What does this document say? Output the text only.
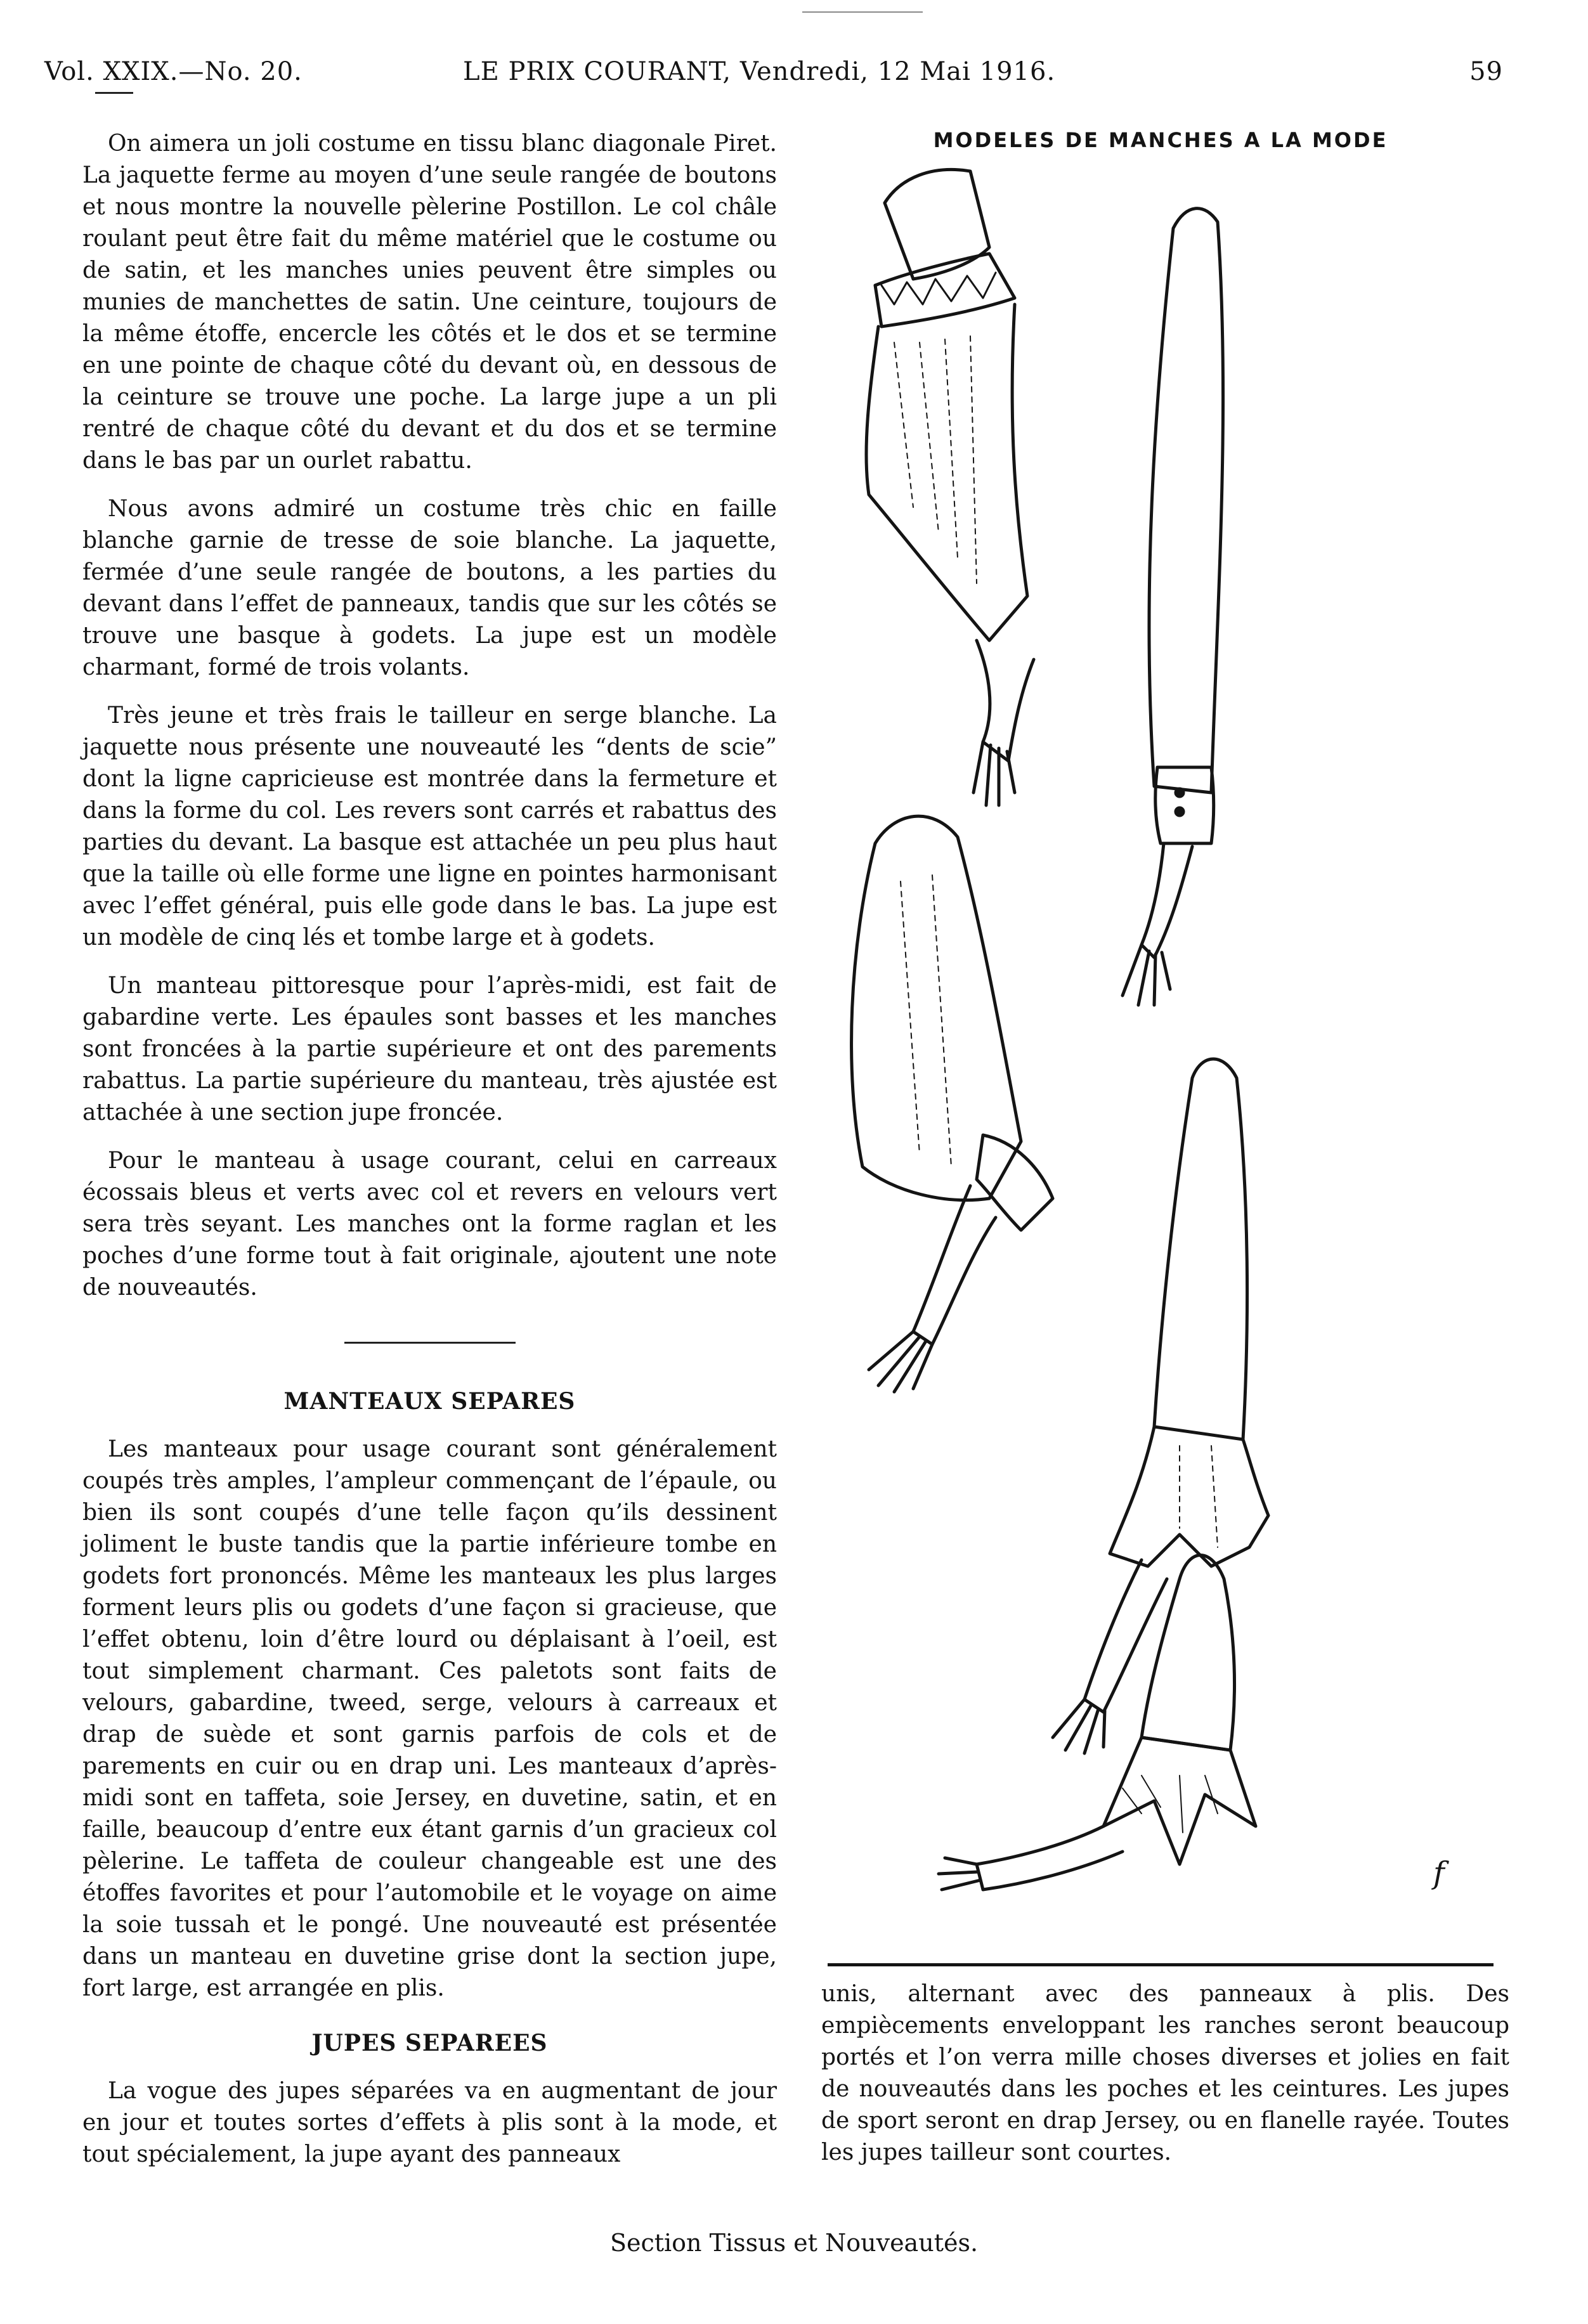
Vol. XXIX.—No. 20.	LE PRIX COURANT, Vendredi, 12 Mai 1916.	59

On aimera un joli costume en tissu blanc diagonale Piret. La jaquette ferme au moyen d’une seule rangée de boutons et nous montre la nouvelle pèlerine Postillon. Le col châle roulant peut être fait du même matériel que le costume ou de satin, et les manches unies peuvent être simples ou munies de manchettes de satin. Une ceinture, toujours de la même étoffe, encercle les côtés et le dos et se termine en une pointe de chaque côté du devant où, en dessous de la ceinture se trouve une poche. La large jupe a un pli rentré de chaque côté du devant et du dos et se termine dans le bas par un ourlet rabattu.

Nous avons admiré un costume très chic en faille blanche garnie de tresse de soie blanche. La jaquette, fermée d’une seule rangée de boutons, a les parties du devant dans l’effet de panneaux, tandis que sur les côtés se trouve une basque à godets. La jupe est un modèle charmant, formé de trois volants.

Très jeune et très frais le tailleur en serge blanche. La jaquette nous présente une nouveauté les “dents de scie” dont la ligne capricieuse est montrée dans la fermeture et dans la forme du col. Les revers sont carrés et rabattus des parties du devant. La basque est attachée un peu plus haut que la taille où elle forme une ligne en pointes harmonisant avec l’effet général, puis elle gode dans le bas. La jupe est un modèle de cinq lés et tombe large et à godets.

Un manteau pittoresque pour l’après-midi, est fait de gabardine verte. Les épaules sont basses et les manches sont froncées à la partie supérieure et ont des parements rabattus. La partie supérieure du manteau, très ajustée est attachée à une section jupe froncée.

Pour le manteau à usage courant, celui en carreaux écossais bleus et verts avec col et revers en velours vert sera très seyant. Les manches ont la forme raglan et les poches d’une forme tout à fait originale, ajoutent une note de nouveautés.

MANTEAUX SEPARES

Les manteaux pour usage courant sont généralement coupés très amples, l’ampleur commençant de l’épaule, ou bien ils sont coupés d’une telle façon qu’ils dessinent joliment le buste tandis que la partie inférieure tombe en godets fort prononcés. Même les manteaux les plus larges forment leurs plis ou godets d’une façon si gracieuse, que l’effet obtenu, loin d’être lourd ou déplaisant à l’oeil, est tout simplement charmant. Ces paletots sont faits de velours, gabardine, tweed, serge, velours à carreaux et drap de suède et sont garnis parfois de cols et de parements en cuir ou en drap uni. Les manteaux d’après-midi sont en taffeta, soie Jersey, en duvetine, satin, et en faille, beaucoup d’entre eux étant garnis d’un gracieux col pèlerine. Le taffeta de couleur changeable est une des étoffes favorites et pour l’automobile et le voyage on aime la soie tussah et le pongé. Une nouveauté est présentée dans un manteau en duvetine grise dont la section jupe, fort large, est arrangée en plis.

JUPES SEPAREES

La vogue des jupes séparées va en augmentant de jour en jour et toutes sortes d’effets à plis sont à la mode, et tout spécialement, la jupe ayant des panneaux

MODELES DE MANCHES A LA MODE
f

unis, alternant avec des panneaux à plis. Des empiècements enveloppant les ranches seront beaucoup portés et l’on verra mille choses diverses et jolies en fait de nouveautés dans les poches et les ceintures. Les jupes de sport seront en drap Jersey, ou en flanelle rayée. Toutes les jupes tailleur sont courtes.

Section Tissus et Nouveautés.
